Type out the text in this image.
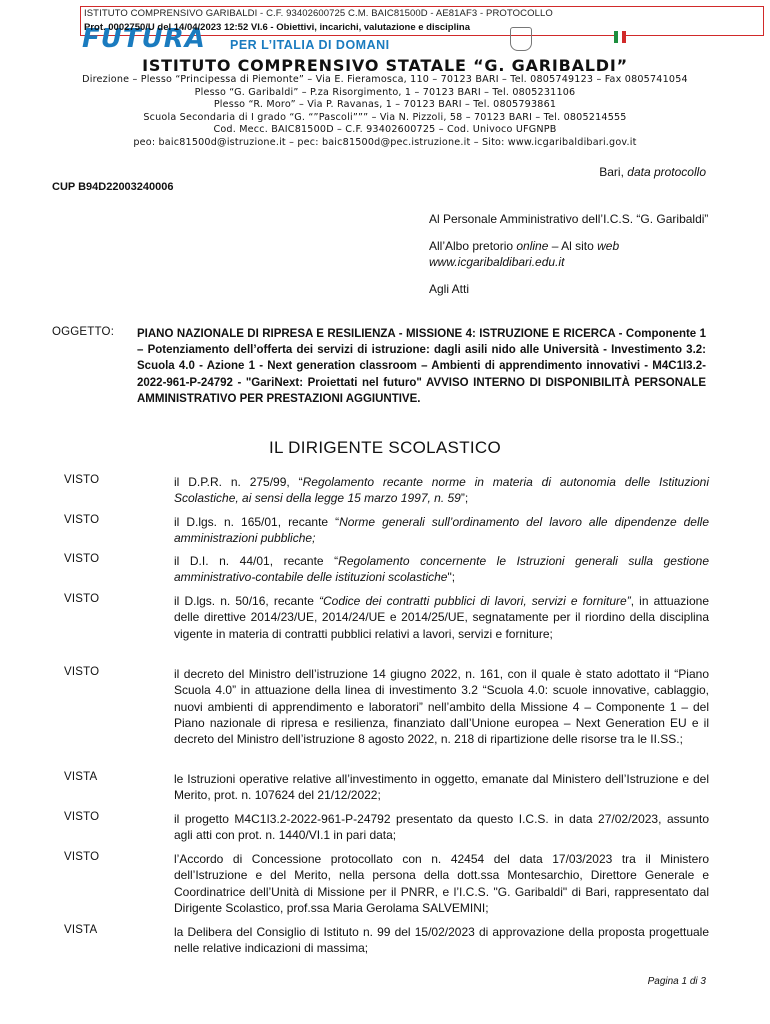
ISTITUTO COMPRENSIVO GARIBALDI - C.F. 93402600725 C.M. BAIC81500D - AE81AF3 - PROTOCOLLO
Prot. 0002750/U del 14/04/2023 12:52 VI.6 - Obiettivi, incarichi, valutazione e disciplina
FUTURA PER L’ITALIA DI DOMANI
ISTITUTO COMPRENSIVO STATALE “G. GARIBALDI”
Direzione – Plesso “Principessa di Piemonte” – Via E. Fieramosca, 110 – 70123 BARI – Tel. 0805749123 – Fax 0805741054
Plesso “G. Garibaldi” – P.za Risorgimento, 1 – 70123 BARI – Tel. 0805231106
Plesso “R. Moro” – Via P. Ravanas, 1 – 70123 BARI – Tel. 0805793861
Scuola Secondaria di I grado “G. “”Pascoli””” – Via N. Pizzoli, 58 – 70123 BARI – Tel. 0805214555
Cod. Mecc. BAIC81500D – C.F. 93402600725 – Cod. Univoco UFGNPB
peo: baic81500d@istruzione.it – pec: baic81500d@pec.istruzione.it – Sito: www.icgaribaldibari.gov.it
Bari, data protocollo
CUP B94D22003240006

Al Personale Amministrativo dell’I.C.S. “G. Garibaldi”

All’Albo pretorio online – Al sito web
www.icgaribaldibari.edu.it

Agli Atti

OGGETTO: PIANO NAZIONALE DI RIPRESA E RESILIENZA - MISSIONE 4: ISTRUZIONE E RICERCA - Componente 1 – Potenziamento dell’offerta dei servizi di istruzione: dagli asili nido alle Università - Investimento 3.2: Scuola 4.0 - Azione 1 - Next generation classroom – Ambienti di apprendimento innovativi - M4C1I3.2-2022-961-P-24792 - "GariNext: Proiettati nel futuro" AVVISO INTERNO DI DISPONIBILITÀ PERSONALE AMMINISTRATIVO PER PRESTAZIONI AGGIUNTIVE.
IL DIRIGENTE SCOLASTICO
VISTO	il D.P.R. n. 275/99, “Regolamento recante norme in materia di autonomia delle Istituzioni Scolastiche, ai sensi della legge 15 marzo 1997, n. 59”;
VISTO	il D.lgs. n. 165/01, recante “Norme generali sull’ordinamento del lavoro alle dipendenze delle amministrazioni pubbliche;
VISTO	il D.I. n. 44/01, recante “Regolamento concernente le Istruzioni generali sulla gestione amministrativo-contabile delle istituzioni scolastiche";
VISTO	il D.lgs. n. 50/16, recante “Codice dei contratti pubblici di lavori, servizi e forniture”, in attuazione delle direttive 2014/23/UE, 2014/24/UE e 2014/25/UE, segnatamente per il riordino della disciplina vigente in materia di contratti pubblici relativi a lavori, servizi e forniture;
VISTO	il decreto del Ministro dell’istruzione 14 giugno 2022, n. 161, con il quale è stato adottato il “Piano Scuola 4.0” in attuazione della linea di investimento 3.2 “Scuola 4.0: scuole innovative, cablaggio, nuovi ambienti di apprendimento e laboratori” nell’ambito della Missione 4 – Componente 1 – del Piano nazionale di ripresa e resilienza, finanziato dall’Unione europea – Next Generation EU e il decreto del Ministro dell’istruzione 8 agosto 2022, n. 218 di ripartizione delle risorse tra le II.SS.;
VISTA	le Istruzioni operative relative all’investimento in oggetto, emanate dal Ministero dell’Istruzione e del Merito, prot. n. 107624 del 21/12/2022;
VISTO	il progetto M4C1I3.2-2022-961-P-24792 presentato da questo I.C.S. in data 27/02/2023, assunto agli atti con prot. n. 1440/VI.1 in pari data;
VISTO	l’Accordo di Concessione protocollato con n. 42454 del data 17/03/2023 tra il Ministero dell’Istruzione e del Merito, nella persona della dott.ssa Montesarchio, Direttore Generale e Coordinatrice dell’Unità di Missione per il PNRR, e l’I.C.S. "G. Garibaldi" di Bari, rappresentato dal Dirigente Scolastico, prof.ssa Maria Gerolama SALVEMINI;
VISTA	la Delibera del Consiglio di Istituto n. 99 del 15/02/2023 di approvazione della proposta progettuale nelle relative indicazioni di massima;
Pagina 1 di 3
